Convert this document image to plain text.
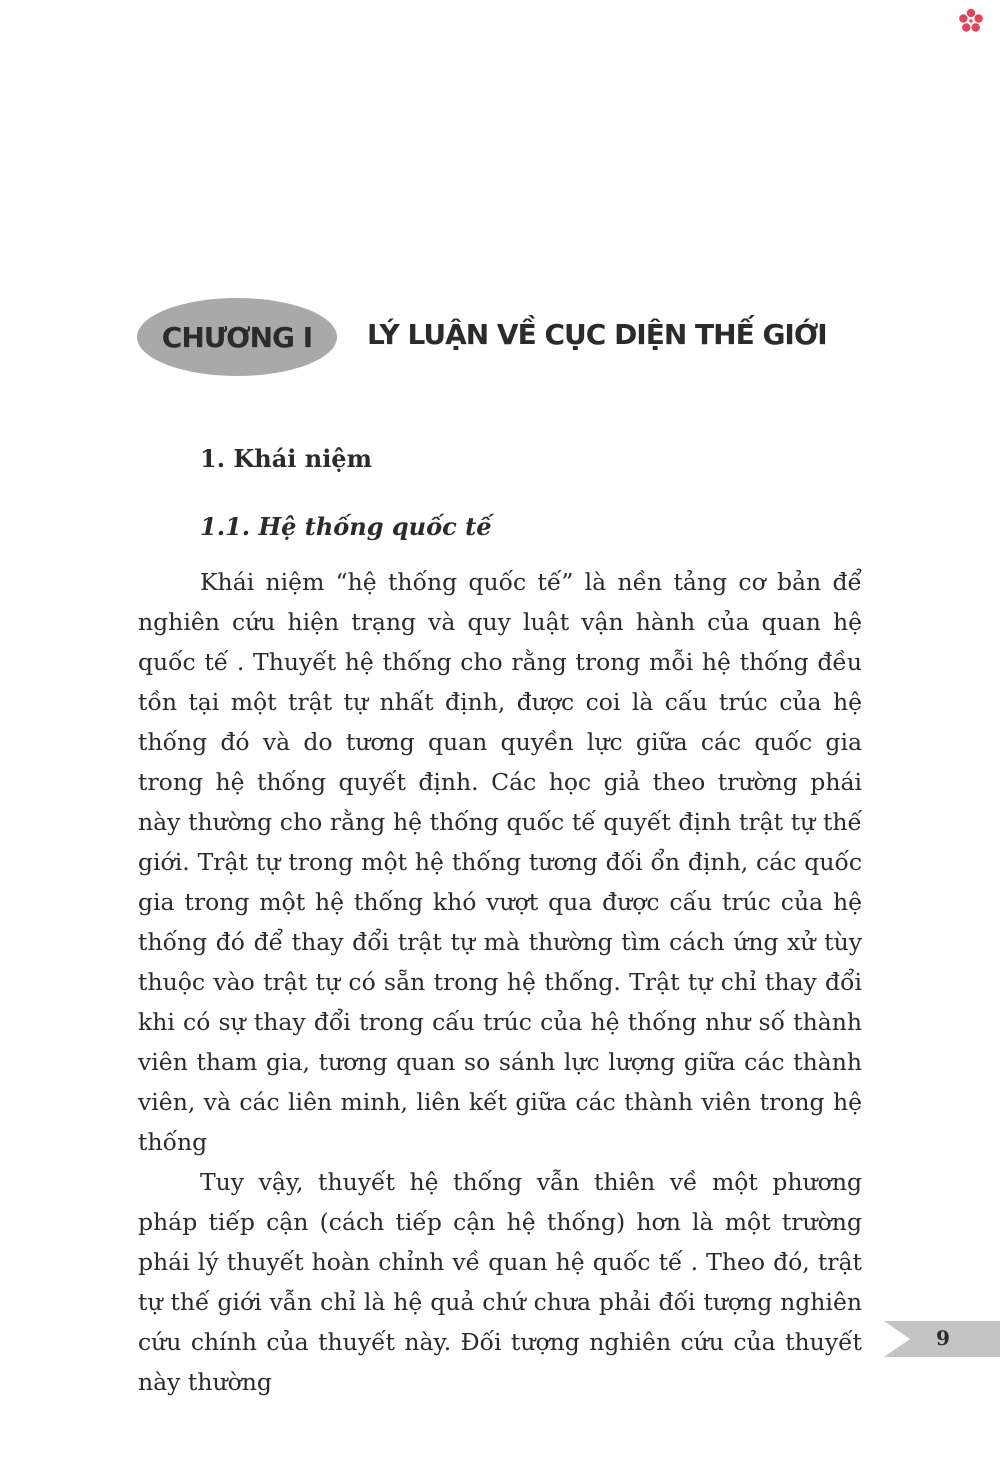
CHƯƠNG I LÝ LUẬN VỀ CỤC DIỆN THẾ GIỚI
1. Khái niệm
1.1. Hệ thống quốc tế

Khái niệm “hệ thống quốc tế” là nền tảng cơ bản để nghiên cứu hiện trạng và quy luật vận hành của quan hệ quốc tế . Thuyết hệ thống cho rằng trong mỗi hệ thống đều tồn tại một trật tự nhất định, được coi là cấu trúc của hệ thống đó và do tương quan quyền lực giữa các quốc gia trong hệ thống quyết định. Các học giả theo trường phái này thường cho rằng hệ thống quốc tế quyết định trật tự thế giới. Trật tự trong một hệ thống tương đối ổn định, các quốc gia trong một hệ thống khó vượt qua được cấu trúc của hệ thống đó để thay đổi trật tự mà thường tìm cách ứng xử tùy thuộc vào trật tự có sẵn trong hệ thống. Trật tự chỉ thay đổi khi có sự thay đổi trong cấu trúc của hệ thống như số thành viên tham gia, tương quan so sánh lực lượng giữa các thành viên, và các liên minh, liên kết giữa các thành viên trong hệ thống

Tuy vậy, thuyết hệ thống vẫn thiên về một phương pháp tiếp cận (cách tiếp cận hệ thống) hơn là một trường phái lý thuyết hoàn chỉnh về quan hệ quốc tế . Theo đó, trật tự thế giới vẫn chỉ là hệ quả chứ chưa phải đối tượng nghiên cứu chính của thuyết này. Đối tượng nghiên cứu của thuyết này thường

9
